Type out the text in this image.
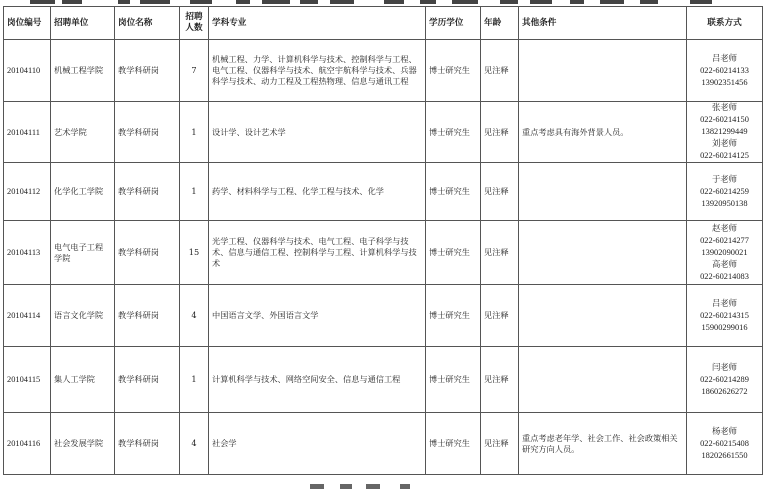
岗位编号	招聘单位	岗位名称	招聘人数	学科专业	学历学位	年龄	其他条件	联系方式
20104110	机械工程学院	教学科研岗	7	机械工程、力学、计算机科学与技术、控制科学与工程、电气工程、仪器科学与技术、航空宇航科学与技术、兵器科学与技术、动力工程及工程热物理、信息与通讯工程	博士研究生	见注释		吕老师
022-60214133
13902351456

20104111	艺术学院	教学科研岗	1	设计学、设计艺术学	博士研究生	见注释	重点考虑具有海外背景人员。	张老师
022-60214150
13821299449
刘老师
022-60214125

20104112	化学化工学院	教学科研岗	1	药学、材料科学与工程、化学工程与技术、化学	博士研究生	见注释		于老师
022-60214259
13920950138

20104113	电气电子工程学院	教学科研岗	15	光学工程、仪器科学与技术、电气工程、电子科学与技术、信息与通信工程、控制科学与工程、计算机科学与技术	博士研究生	见注释		赵老师
022-60214277
13902090021
高老师
022-60214083

20104114	语言文化学院	教学科研岗	4	中国语言文学、外国语言文学	博士研究生	见注释		吕老师
022-60214315
15900299016

20104115	集人工学院	教学科研岗	1	计算机科学与技术、网络空间安全、信息与通信工程	博士研究生	见注释		闫老师
022-60214289
18602626272

20104116	社会发展学院	教学科研岗	4	社会学	博士研究生	见注释	重点考虑老年学、社会工作、社会政策相关研究方向人员。	杨老师
022-60215408
18202661550
